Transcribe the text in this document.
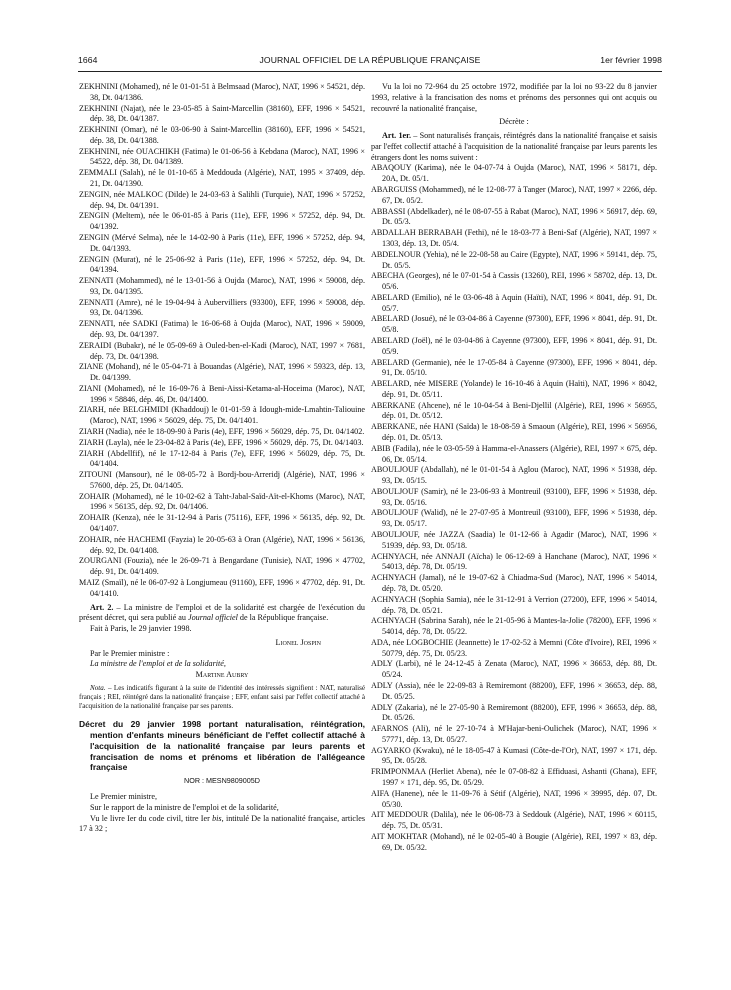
1664	JOURNAL OFFICIEL DE LA RÉPUBLIQUE FRANÇAISE	1er février 1998

ZEKHNINI (Mohamed), né le 01-01-51 à Belmsaad (Maroc), NAT, 1996 × 54521, dép. 38, Dt. 04/1386.

ZEKHNINI (Najat), née le 23-05-85 à Saint-Marcellin (38160), EFF, 1996 × 54521, dép. 38, Dt. 04/1387.

ZEKHNINI (Omar), né le 03-06-90 à Saint-Marcellin (38160), EFF, 1996 × 54521, dép. 38, Dt. 04/1388.

ZEKHNINI, née OUACHIKH (Fatima) le 01-06-56 à Kebdana (Maroc), NAT, 1996 × 54522, dép. 38, Dt. 04/1389.

ZEMMALI (Salah), né le 01-10-65 à Meddouda (Algérie), NAT, 1995 × 37409, dép. 21, Dt. 04/1390.

ZENGIN, née MALKOC (Dilde) le 24-03-63 à Salihli (Turquie), NAT, 1996 × 57252, dép. 94, Dt. 04/1391.

ZENGIN (Meltem), née le 06-01-85 à Paris (11e), EFF, 1996 × 57252, dép. 94, Dt. 04/1392.

ZENGIN (Mérvé Selma), née le 14-02-90 à Paris (11e), EFF, 1996 × 57252, dép. 94, Dt. 04/1393.

ZENGIN (Murat), né le 25-06-92 à Paris (11e), EFF, 1996 × 57252, dép. 94, Dt. 04/1394.

ZENNATI (Mohammed), né le 13-01-56 à Oujda (Maroc), NAT, 1996 × 59008, dép. 93, Dt. 04/1395.

ZENNATI (Amre), né le 19-04-94 à Aubervilliers (93300), EFF, 1996 × 59008, dép. 93, Dt. 04/1396.

ZENNATI, née SADKI (Fatima) le 16-06-68 à Oujda (Maroc), NAT, 1996 × 59009, dép. 93, Dt. 04/1397.

ZERAIDI (Bubakr), né le 05-09-69 à Ouled-ben-el-Kadi (Maroc), NAT, 1997 × 7681, dép. 73, Dt. 04/1398.

ZIANE (Mohand), né le 05-04-71 à Bouandas (Algérie), NAT, 1996 × 59323, dép. 13, Dt. 04/1399.

ZIANI (Mohamed), né le 16-09-76 à Beni-Aissi-Ketama-al-Hoceima (Maroc), NAT, 1996 × 58846, dép. 46, Dt. 04/1400.

ZIARH, née BELGHMIDI (Khaddouj) le 01-01-59 à Idough-mide-Lmahtin-Taliouine (Maroc), NAT, 1996 × 56029, dép. 75, Dt. 04/1401.

ZIARH (Nadia), née le 18-09-90 à Paris (4e), EFF, 1996 × 56029, dép. 75, Dt. 04/1402.

ZIARH (Layla), née le 23-04-82 à Paris (4e), EFF, 1996 × 56029, dép. 75, Dt. 04/1403.

ZIARH (Abdellfif), né le 17-12-84 à Paris (7e), EFF, 1996 × 56029, dép. 75, Dt. 04/1404.

ZITOUNI (Mansour), né le 08-05-72 à Bordj-bou-Arreridj (Algérie), NAT, 1996 × 57600, dép. 25, Dt. 04/1405.

ZOHAIR (Mohamed), né le 10-02-62 à Taht-Jabal-Saïd-Aït-el-Khoms (Maroc), NAT, 1996 × 56135, dép. 92, Dt. 04/1406.

ZOHAIR (Kenza), née le 31-12-94 à Paris (75116), EFF, 1996 × 56135, dép. 92, Dt. 04/1407.

ZOHAIR, née HACHEMI (Fayzia) le 20-05-63 à Oran (Algérie), NAT, 1996 × 56136, dép. 92, Dt. 04/1408.

ZOURGANI (Fouzia), née le 26-09-71 à Bengardane (Tunisie), NAT, 1996 × 47702, dép. 91, Dt. 04/1409.

MAIZ (Smaïl), né le 06-07-92 à Longjumeau (91160), EFF, 1996 × 47702, dép. 91, Dt. 04/1410.

Art. 2. – La ministre de l'emploi et de la solidarité est chargée de l'exécution du présent décret, qui sera publié au Journal officiel de la République française.

Fait à Paris, le 29 janvier 1998.

Lionel Jospin

Par le Premier ministre :

La ministre de l'emploi et de la solidarité,

Martine Aubry

Nota. – Les indicatifs figurant à la suite de l'identité des intéressés signifient : NAT, naturalisé français ; REI, réintégré dans la nationalité française ; EFF, enfant saisi par l'effet collectif attaché à l'acquisition de la nationalité française par ses parents.

Décret du 29 janvier 1998 portant naturalisation, réintégration, mention d'enfants mineurs bénéficiant de l'effet collectif attaché à l'acquisition de la nationalité française par leurs parents et francisation de noms et prénoms et libération de l'allégeance française

NOR : MESN9809005D

Le Premier ministre,

Sur le rapport de la ministre de l'emploi et de la solidarité,

Vu le livre Ier du code civil, titre Ier bis, intitulé De la nationalité française, articles 17 à 32 ;

Vu la loi no 72-964 du 25 octobre 1972, modifiée par la loi no 93-22 du 8 janvier 1993, relative à la francisation des noms et prénoms des personnes qui ont acquis ou recouvré la nationalité française,

Décrète :

Art. 1er. – Sont naturalisés français, réintégrés dans la nationalité française et saisis par l'effet collectif attaché à l'acquisition de la nationalité française par leurs parents les étrangers dont les noms suivent :

ABAQOUY (Karima), née le 04-07-74 à Oujda (Maroc), NAT, 1996 × 58171, dép. 20A, Dt. 05/1.

ABARGUISS (Mohammed), né le 12-08-77 à Tanger (Maroc), NAT, 1997 × 2266, dép. 67, Dt. 05/2.

ABBASSI (Abdelkader), né le 08-07-55 à Rabat (Maroc), NAT, 1996 × 56917, dép. 69, Dt. 05/3.

ABDALLAH BERRABAH (Fethi), né le 18-03-77 à Beni-Saf (Algérie), NAT, 1997 × 1303, dép. 13, Dt. 05/4.

ABDELNOUR (Yehia), né le 22-08-58 au Caire (Egypte), NAT, 1996 × 59141, dép. 75, Dt. 05/5.

ABECHA (Georges), né le 07-01-54 à Cassis (13260), REI, 1996 × 58702, dép. 13, Dt. 05/6.

ABELARD (Emilio), né le 03-06-48 à Aquin (Haïti), NAT, 1996 × 8041, dép. 91, Dt. 05/7.

ABELARD (Josué), né le 03-04-86 à Cayenne (97300), EFF, 1996 × 8041, dép. 91, Dt. 05/8.

ABELARD (Joël), né le 03-04-86 à Cayenne (97300), EFF, 1996 × 8041, dép. 91, Dt. 05/9.

ABELARD (Germanie), née le 17-05-84 à Cayenne (97300), EFF, 1996 × 8041, dép. 91, Dt. 05/10.

ABELARD, née MISERE (Yolande) le 16-10-46 à Aquin (Haïti), NAT, 1996 × 8042, dép. 91, Dt. 05/11.

ABERKANE (Ahcene), né le 10-04-54 à Beni-Djellil (Algérie), REI, 1996 × 56955, dép. 01, Dt. 05/12.

ABERKANE, née HANI (Saïda) le 18-08-59 à Smaoun (Algérie), REI, 1996 × 56956, dép. 01, Dt. 05/13.

ABIB (Fadila), née le 03-05-59 à Hamma-el-Anassers (Algérie), REI, 1997 × 675, dép. 06, Dt. 05/14.

ABOULJOUF (Abdallah), né le 01-01-54 à Aglou (Maroc), NAT, 1996 × 51938, dép. 93, Dt. 05/15.

ABOULJOUF (Samir), né le 23-06-93 à Montreuil (93100), EFF, 1996 × 51938, dép. 93, Dt. 05/16.

ABOULJOUF (Walid), né le 27-07-95 à Montreuil (93100), EFF, 1996 × 51938, dép. 93, Dt. 05/17.

ABOULJOUF, née JAZZA (Saadia) le 01-12-66 à Agadir (Maroc), NAT, 1996 × 51939, dép. 93, Dt. 05/18.

ACHNYACH, née ANNAJI (Aïcha) le 06-12-69 à Hanchane (Maroc), NAT, 1996 × 54013, dép. 78, Dt. 05/19.

ACHNYACH (Jamal), né le 19-07-62 à Chiadma-Sud (Maroc), NAT, 1996 × 54014, dép. 78, Dt. 05/20.

ACHNYACH (Sophia Samia), née le 31-12-91 à Verrion (27200), EFF, 1996 × 54014, dép. 78, Dt. 05/21.

ACHNYACH (Sabrina Sarah), née le 21-05-96 à Mantes-la-Jolie (78200), EFF, 1996 × 54014, dép. 78, Dt. 05/22.

ADA, née LOGBOCHIE (Jeannette) le 17-02-52 à Memni (Côte d'Ivoire), REI, 1996 × 50779, dép. 75, Dt. 05/23.

ADLY (Larbi), né le 24-12-45 à Zenata (Maroc), NAT, 1996 × 36653, dép. 88, Dt. 05/24.

ADLY (Assia), née le 22-09-83 à Remiremont (88200), EFF, 1996 × 36653, dép. 88, Dt. 05/25.

ADLY (Zakaria), né le 27-05-90 à Remiremont (88200), EFF, 1996 × 36653, dép. 88, Dt. 05/26.

AFARNOS (Ali), né le 27-10-74 à M'Hajar-beni-Oulichek (Maroc), NAT, 1996 × 57771, dép. 13, Dt. 05/27.

AGYARKO (Kwaku), né le 18-05-47 à Kumasi (Côte-de-l'Or), NAT, 1997 × 171, dép. 95, Dt. 05/28.

FRIMPONMAA (Herliet Abena), née le 07-08-82 à Effiduasi, Ashanti (Ghana), EFF, 1997 × 171, dép. 95, Dt. 05/29.

AIFA (Hanene), née le 11-09-76 à Sétif (Algérie), NAT, 1996 × 39995, dép. 07, Dt. 05/30.

AIT MEDDOUR (Dalila), née le 06-08-73 à Seddouk (Algérie), NAT, 1996 × 60115, dép. 75, Dt. 05/31.

AIT MOKHTAR (Mohand), né le 02-05-40 à Bougie (Algérie), REI, 1997 × 83, dép. 69, Dt. 05/32.
